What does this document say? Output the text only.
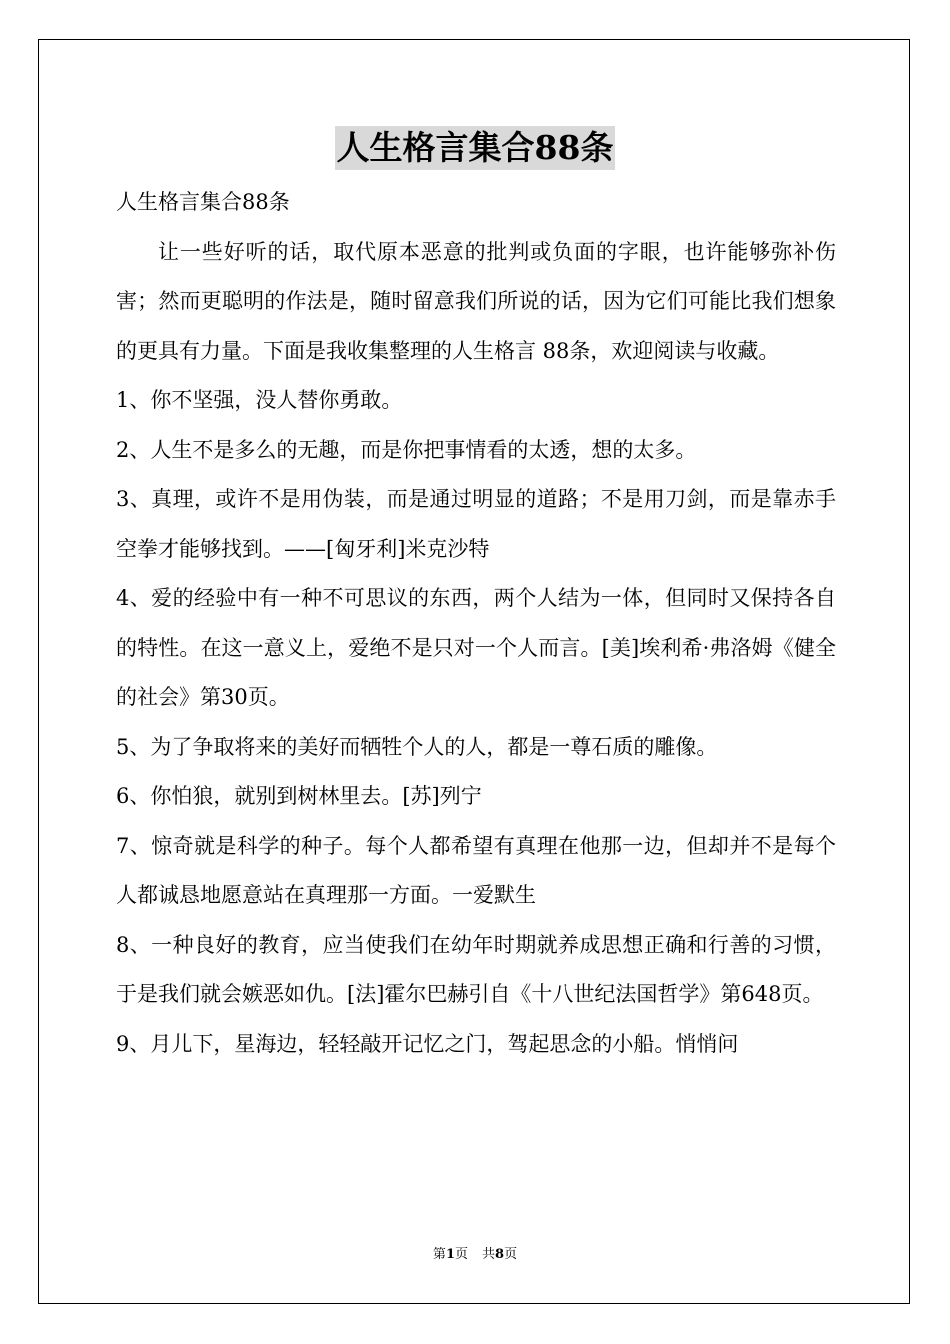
人生格言集合88条

人生格言集合88条

让一些好听的话，取代原本恶意的批判或负面的字眼，也许能够弥补伤害；然而更聪明的作法是，随时留意我们所说的话，因为它们可能比我们想象的更具有力量。下面是我收集整理的人生格言 88条，欢迎阅读与收藏。

1、你不坚强，没人替你勇敢。

2、人生不是多么的无趣，而是你把事情看的太透，想的太多。

3、真理，或许不是用伪装，而是通过明显的道路；不是用刀剑，而是靠赤手空拳才能够找到。——[匈牙利]米克沙特

4、爱的经验中有一种不可思议的东西，两个人结为一体，但同时又保持各自的特性。在这一意义上，爱绝不是只对一个人而言。[美]埃利希·弗洛姆《健全的社会》第30页。

5、为了争取将来的美好而牺牲个人的人，都是一尊石质的雕像。

6、你怕狼，就别到树林里去。[苏]列宁

7、惊奇就是科学的种子。每个人都希望有真理在他那一边，但却并不是每个人都诚恳地愿意站在真理那一方面。一爱默生

8、一种良好的教育，应当使我们在幼年时期就养成思想正确和行善的习惯，于是我们就会嫉恶如仇。[法]霍尔巴赫引自《十八世纪法国哲学》第648页。

9、月儿下，星海边，轻轻敲开记忆之门，驾起思念的小船。悄悄问

第1页 共8页
